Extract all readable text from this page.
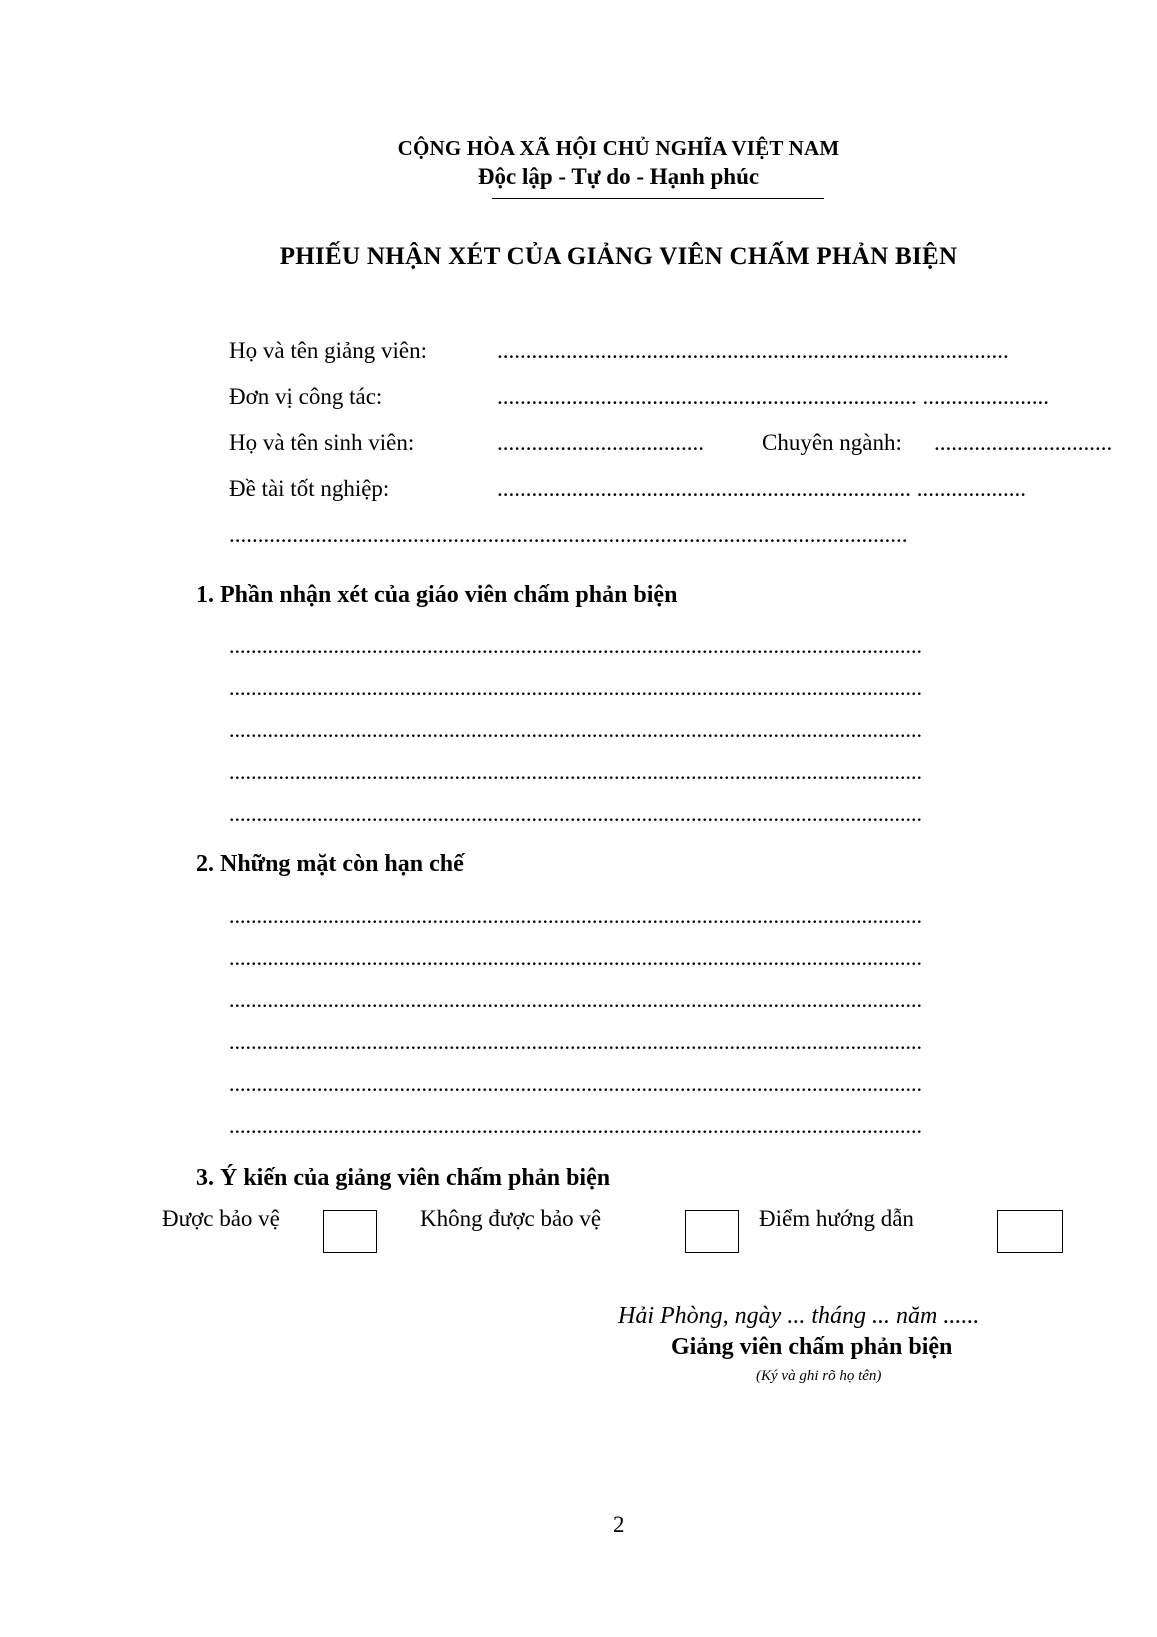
CỘNG HÒA XÃ HỘI CHỦ NGHĨA VIỆT NAM
Độc lập - Tự do - Hạnh phúc
PHIẾU NHẬN XÉT CỦA GIẢNG VIÊN CHẤM PHẢN BIỆN
Họ và tên giảng viên:	.........................................................................................
Đơn vị công tác:	......................................................................... ......................
Họ và tên sinh viên:	....................................	Chuyên ngành: ...............................
Đề tài tốt nghiệp:	........................................................................ ...................
......................................................................................................................
1. Phần nhận xét của giáo viên chấm phản biện
..............................................................................................................................
..............................................................................................................................
..............................................................................................................................
..............................................................................................................................
..............................................................................................................................
2. Những mặt còn hạn chế
..............................................................................................................................
..............................................................................................................................
..............................................................................................................................
..............................................................................................................................
..............................................................................................................................
..............................................................................................................................
3. Ý kiến của giảng viên chấm phản biện
Được bảo vệ	Không được bảo vệ	Điểm hướng dẫn
Hải Phòng, ngày ... tháng ... năm ......
Giảng viên chấm phản biện
(Ký và ghi rõ họ tên)
2
